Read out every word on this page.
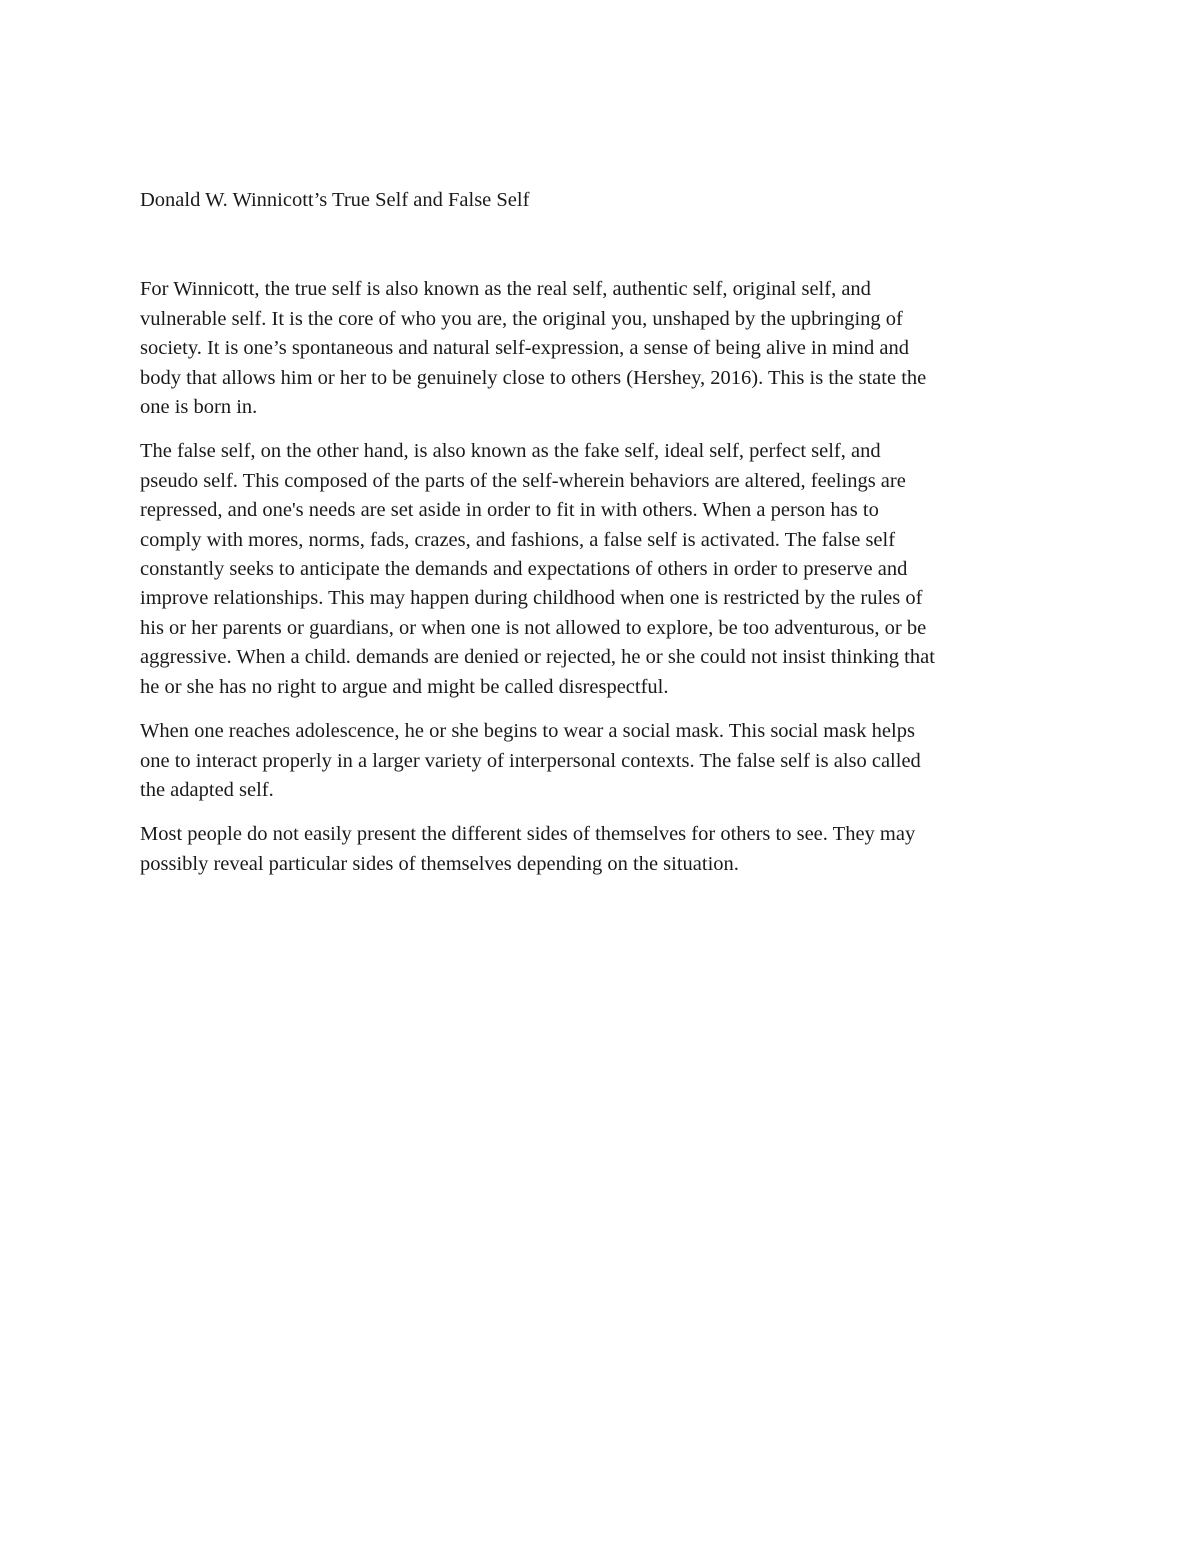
Donald W. Winnicott’s True Self and False Self
For Winnicott, the true self is also known as the real self, authentic self, original self, and
vulnerable self. It is the core of who you are, the original you, unshaped by the upbringing of
society. It is one’s spontaneous and natural self-expression, a sense of being alive in mind and
body that allows him or her to be genuinely close to others (Hershey, 2016). This is the state the
one is born in.
The false self, on the other hand, is also known as the fake self, ideal self, perfect self, and
pseudo self. This composed of the parts of the self-wherein behaviors are altered, feelings are
repressed, and one's needs are set aside in order to fit in with others. When a person has to
comply with mores, norms, fads, crazes, and fashions, a false self is activated. The false self
constantly seeks to anticipate the demands and expectations of others in order to preserve and
improve relationships. This may happen during childhood when one is restricted by the rules of
his or her parents or guardians, or when one is not allowed to explore, be too adventurous, or be
aggressive. When a child. demands are denied or rejected, he or she could not insist thinking that
he or she has no right to argue and might be called disrespectful.
When one reaches adolescence, he or she begins to wear a social mask. This social mask helps
one to interact properly in a larger variety of interpersonal contexts. The false self is also called
the adapted self.
Most people do not easily present the different sides of themselves for others to see. They may
possibly reveal particular sides of themselves depending on the situation.
